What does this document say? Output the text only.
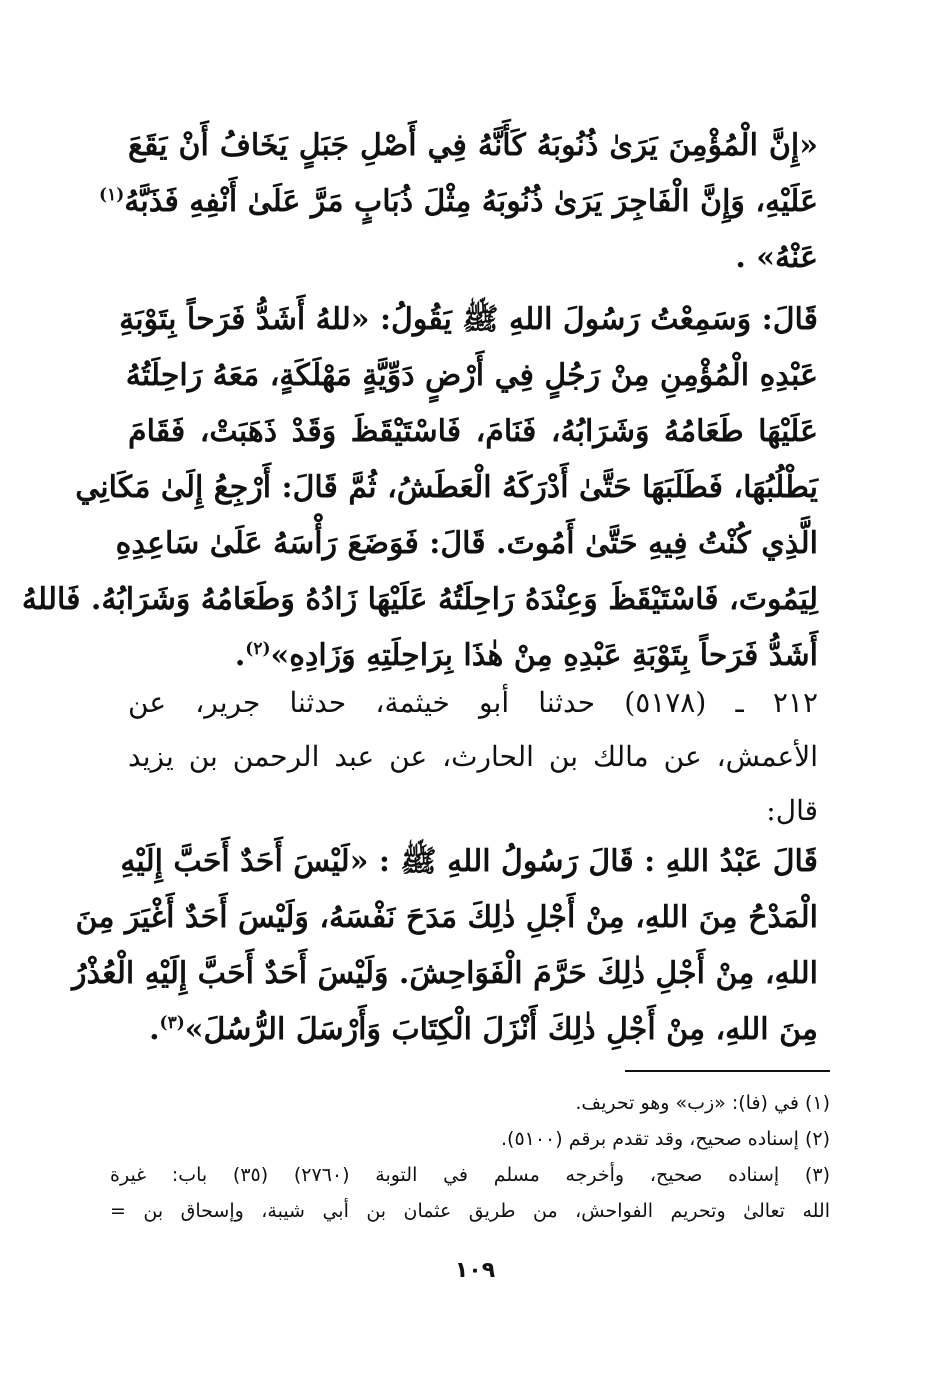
«إِنَّ الْمُؤْمِنَ يَرَىٰ ذُنُوبَهُ كَأَنَّهُ فِي أَصْلِ جَبَلٍ يَخَافُ أَنْ يَقَعَ
عَلَيْهِ، وَإِنَّ الْفَاجِرَ يَرَىٰ ذُنُوبَهُ مِثْلَ ذُبَابٍ مَرَّ عَلَىٰ أَنْفِهِ فَذَبَّهُ$^{(١)}$
عَنْهُ» .
قَالَ: وَسَمِعْتُ رَسُولَ اللهِ ﷺ يَقُولُ: «للهُ أَشَدُّ فَرَحاً بِتَوْبَةِ
عَبْدِهِ الْمُؤْمِنِ مِنْ رَجُلٍ فِي أَرْضٍ دَوِّيَّةٍ مَهْلَكَةٍ، مَعَهُ رَاحِلَتُهُ
عَلَيْهَا طَعَامُهُ وَشَرَابُهُ، فَنَامَ، فَاسْتَيْقَظَ وَقَدْ ذَهَبَتْ، فَقَامَ
يَطْلُبُهَا، فَطَلَبَهَا حَتَّىٰ أَدْرَكَهُ الْعَطَشُ، ثُمَّ قَالَ: أَرْجِعُ إِلَىٰ مَكَانِي
الَّذِي كُنْتُ فِيهِ حَتَّىٰ أَمُوتَ. قَالَ: فَوَضَعَ رَأْسَهُ عَلَىٰ سَاعِدِهِ
لِيَمُوتَ، فَاسْتَيْقَظَ وَعِنْدَهُ رَاحِلَتُهُ عَلَيْهَا زَادُهُ وَطَعَامُهُ وَشَرَابُهُ. فَاللهُ
أَشَدُّ فَرَحاً بِتَوْبَةِ عَبْدِهِ مِنْ هٰذَا بِرَاحِلَتِهِ وَزَادِهِ»$^{(٢)}$.
٢١٢ ـ (٥١٧٨) حدثنا أبو خيثمة، حدثنا جرير، عن
الأعمش، عن مالك بن الحارث، عن عبد الرحمن بن يزيد
قال:
قَالَ عَبْدُ اللهِ : قَالَ رَسُولُ اللهِ ﷺ : «لَيْسَ أَحَدٌ أَحَبَّ إِلَيْهِ
الْمَدْحُ مِنَ اللهِ، مِنْ أَجْلِ ذٰلِكَ مَدَحَ نَفْسَهُ، وَلَيْسَ أَحَدٌ أَغْيَرَ مِنَ
اللهِ، مِنْ أَجْلِ ذٰلِكَ حَرَّمَ الْفَوَاحِشَ. وَلَيْسَ أَحَدٌ أَحَبَّ إِلَيْهِ الْعُذْرُ
مِنَ اللهِ، مِنْ أَجْلِ ذٰلِكَ أَنْزَلَ الْكِتَابَ وَأَرْسَلَ الرُّسُلَ»$^{(٣)}$.
(١) في (فا): «زب» وهو تحريف.
(٢) إسناده صحيح، وقد تقدم برقم (٥١٠٠).
(٣) إسناده صحيح، وأخرجه مسلم في التوبة (٢٧٦٠) (٣٥) باب: غيرة
الله تعالىٰ وتحريم الفواحش، من طريق عثمان بن أبي شيبة، وإسحاق بن =
١٠٩
